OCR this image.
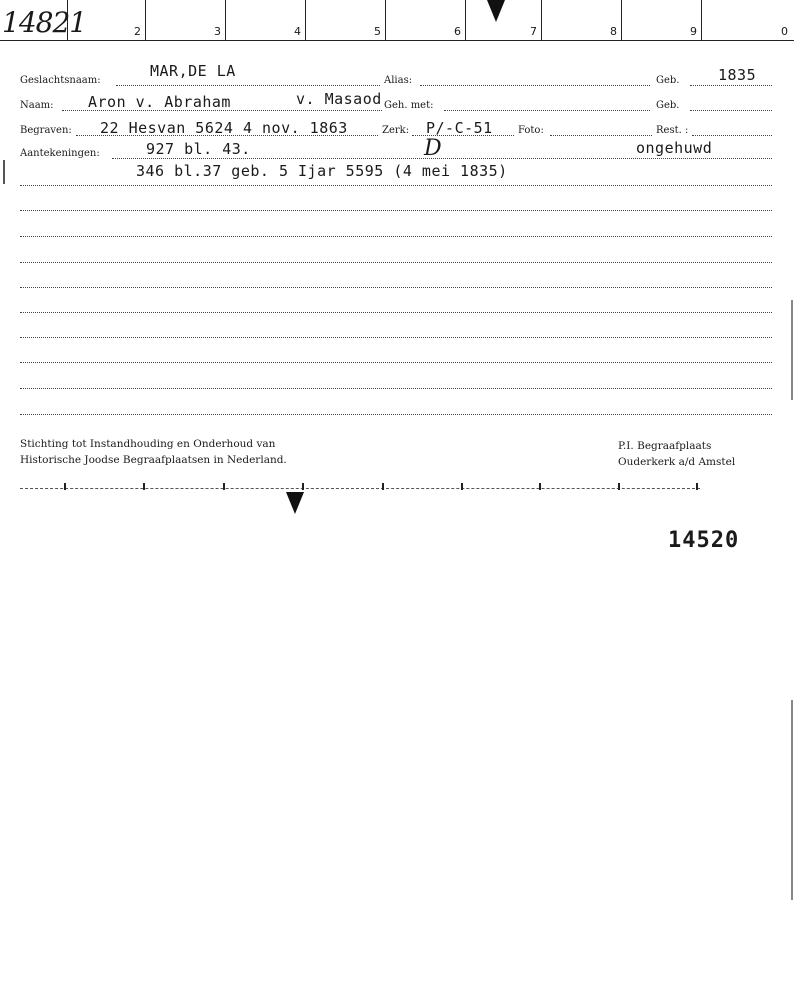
14821	2	3	4	5	6	7	8	9	0
Geslachtsnaam:
MAR,DE LA
Alias:	Geb.	1835
Naam: Aron v. Abraham	v. Masaod Geh. met:	Geb.
Begraven: 22 Hesvan 5624 4 nov. 1863	Zerk: P/-C-51	Foto:	Rest. :
Aantekeningen:	927 bl. 43.	D	ongehuwd
346 bl.37 geb. 5 Ijar 5595 (4 mei 1835)
Stichting tot Instandhouding en Onderhoud van
Historische Joodse Begraafplaatsen in Nederland.
P.I. Begraafplaats
Ouderkerk a/d Amstel
14520
